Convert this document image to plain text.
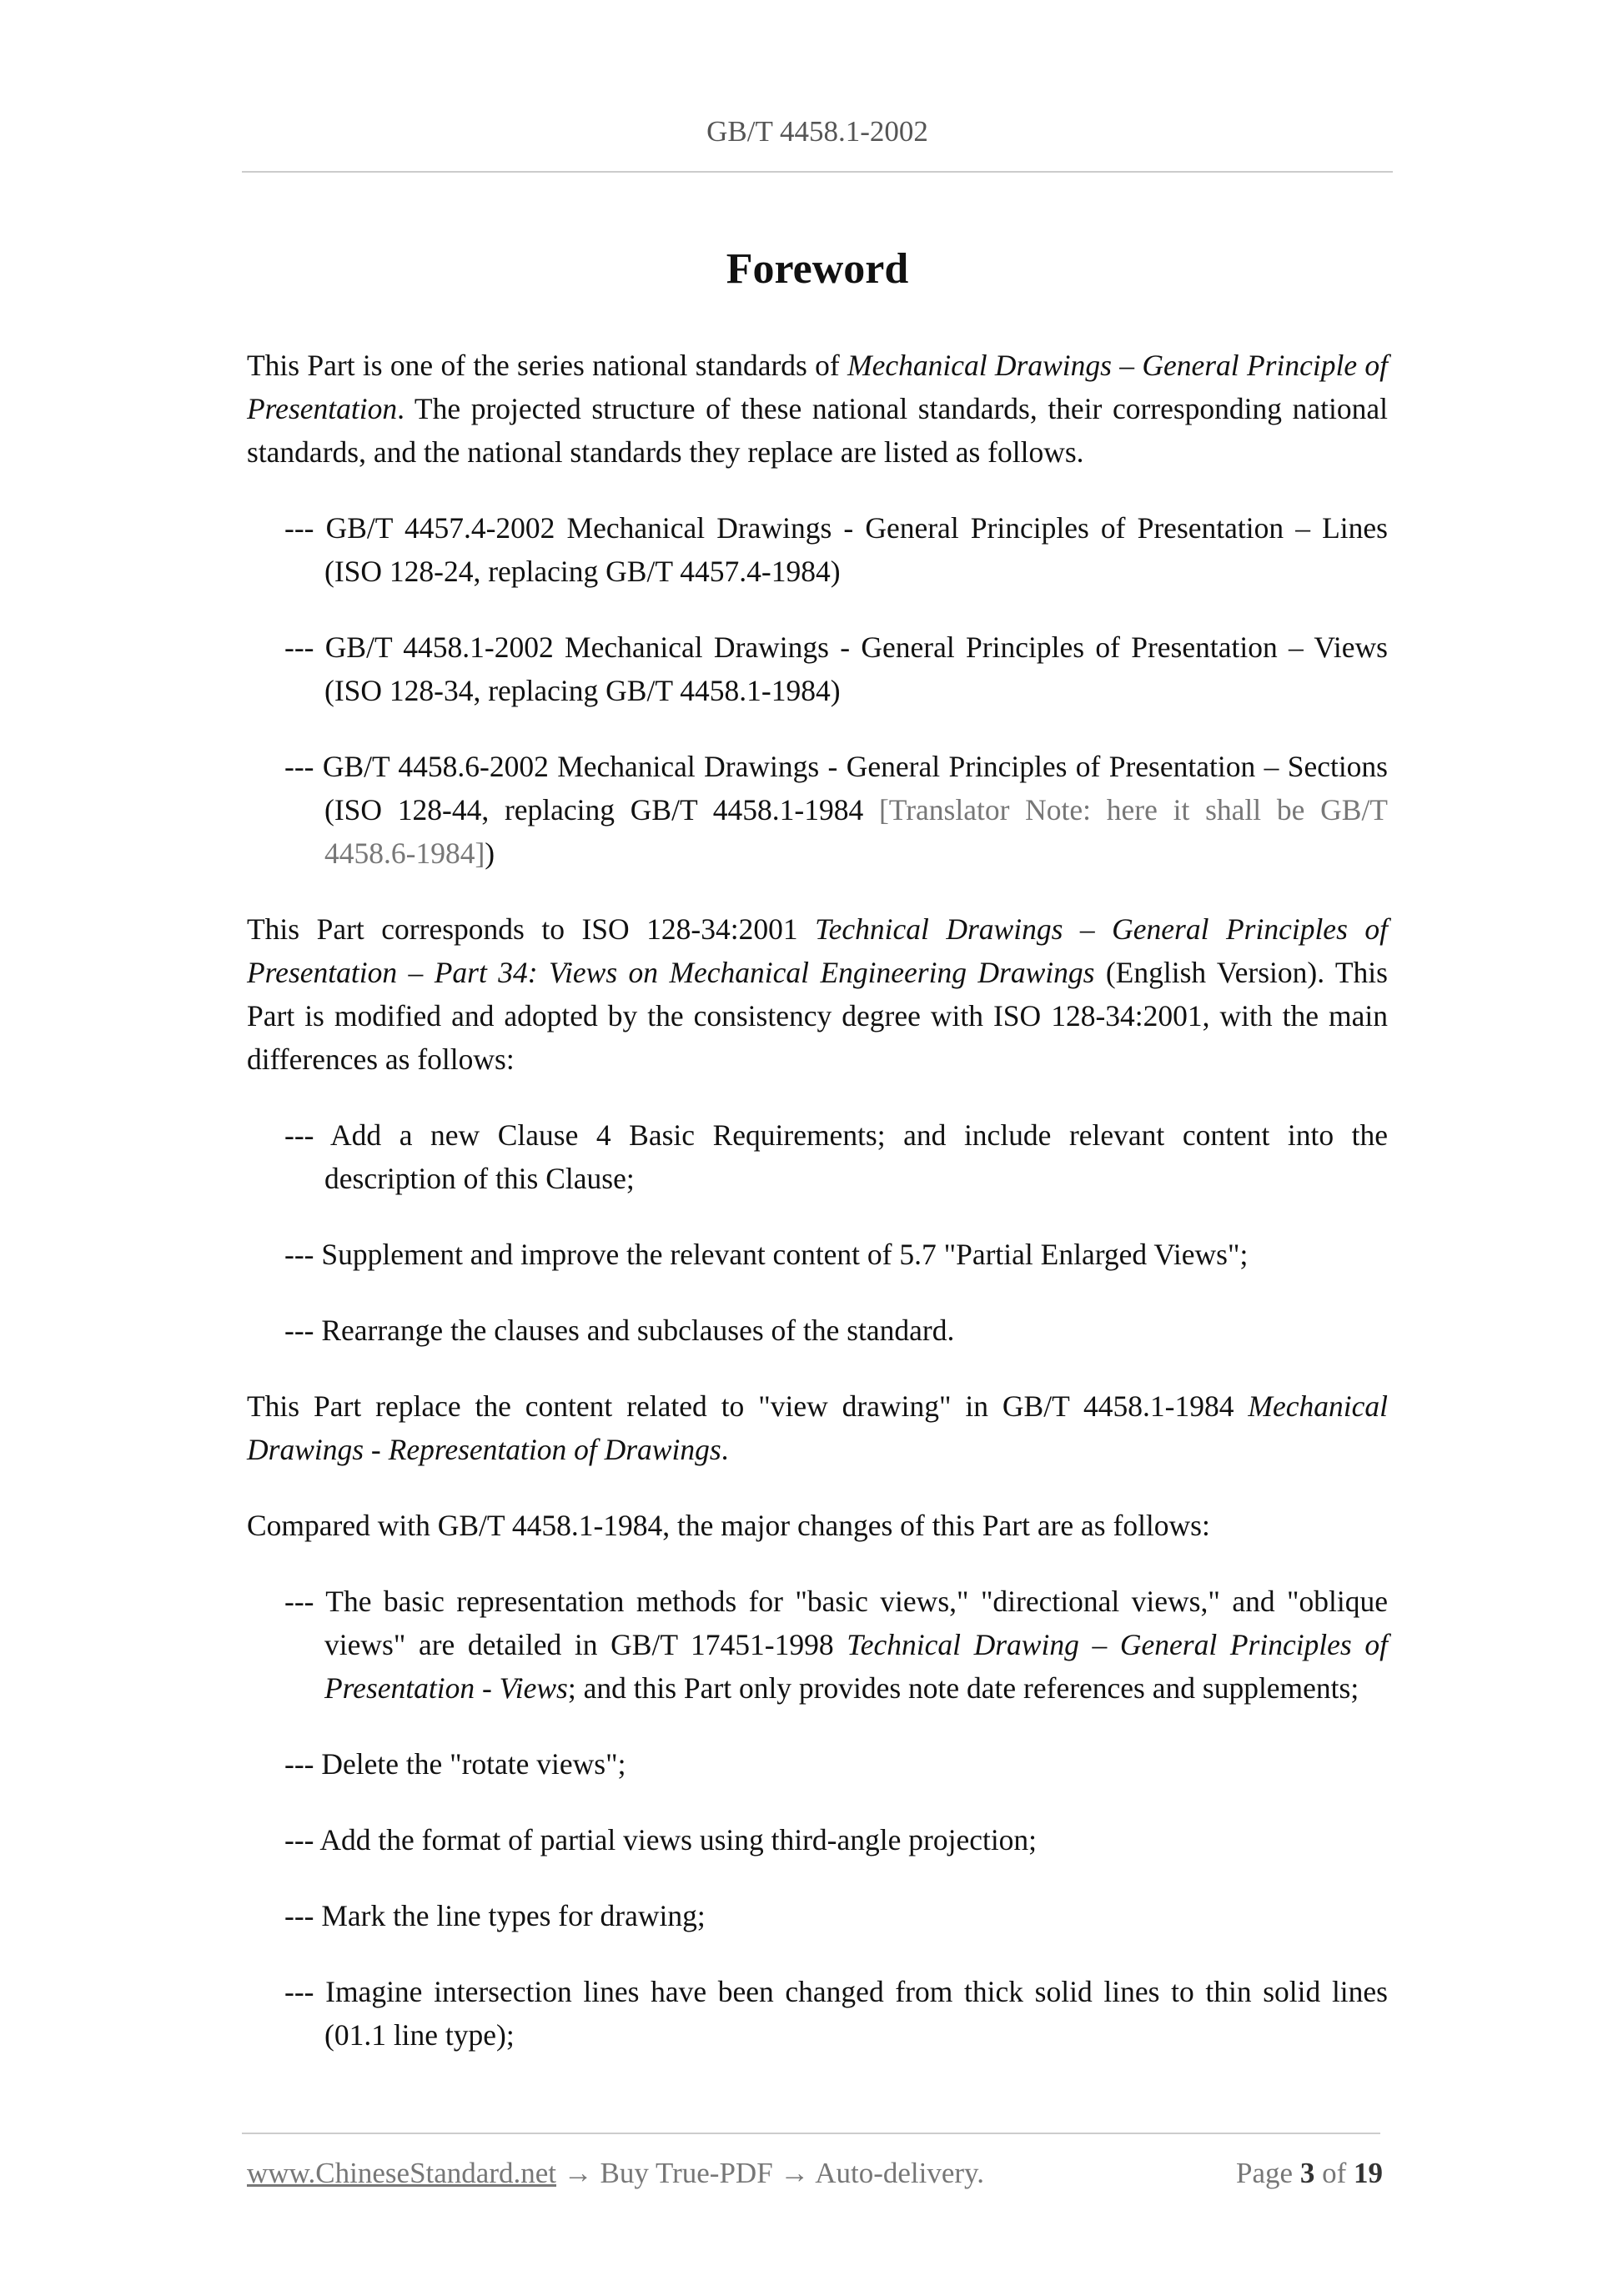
GB/T 4458.1-2002
Foreword

This Part is one of the series national standards of Mechanical Drawings – General Principle of Presentation. The projected structure of these national standards, their corresponding national standards, and the national standards they replace are listed as follows.

--- GB/T 4457.4-2002 Mechanical Drawings - General Principles of Presentation – Lines (ISO 128-24, replacing GB/T 4457.4-1984)

--- GB/T 4458.1-2002 Mechanical Drawings - General Principles of Presentation – Views (ISO 128-34, replacing GB/T 4458.1-1984)

--- GB/T 4458.6-2002 Mechanical Drawings - General Principles of Presentation – Sections (ISO 128-44, replacing GB/T 4458.1-1984 [Translator Note: here it shall be GB/T 4458.6-1984])

This Part corresponds to ISO 128-34:2001 Technical Drawings – General Principles of Presentation – Part 34: Views on Mechanical Engineering Drawings (English Version). This Part is modified and adopted by the consistency degree with ISO 128-34:2001, with the main differences as follows:

--- Add a new Clause 4 Basic Requirements; and include relevant content into the description of this Clause;

--- Supplement and improve the relevant content of 5.7 "Partial Enlarged Views";

--- Rearrange the clauses and subclauses of the standard.

This Part replace the content related to "view drawing" in GB/T 4458.1-1984 Mechanical Drawings - Representation of Drawings.

Compared with GB/T 4458.1-1984, the major changes of this Part are as follows:

--- The basic representation methods for "basic views," "directional views," and "oblique views" are detailed in GB/T 17451-1998 Technical Drawing – General Principles of Presentation - Views; and this Part only provides note date references and supplements;

--- Delete the "rotate views";

--- Add the format of partial views using third-angle projection;

--- Mark the line types for drawing;

--- Imagine intersection lines have been changed from thick solid lines to thin solid lines (01.1 line type);

www.ChineseStandard.net → Buy True-PDF → Auto-delivery.	Page 3 of 19
